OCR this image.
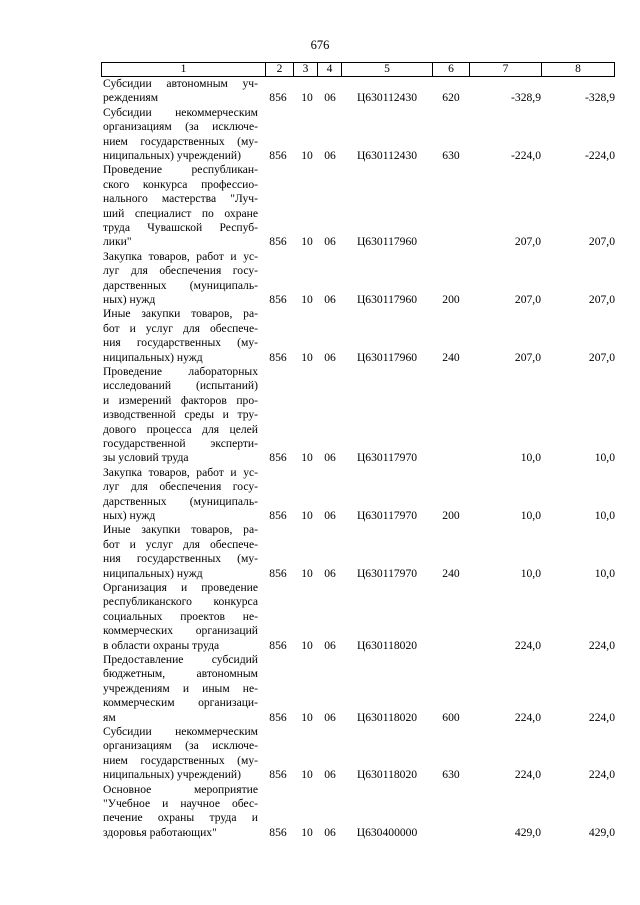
676
1	2	3	4	5	6	7	8
Субсидии автономным уч-
реждениям	856	10 06	Ц630112430	620	-328,9	-328,9
Субсидии некоммерческим
организациям (за исключе-
нием государственных (му-
ниципальных) учреждений)	856	10 06	Ц630112430	630	-224,0	-224,0
Проведение республикан-
ского конкурса профессио-
нального мастерства "Луч-
ший специалист по охране
труда Чувашской Респуб-
лики"	856	10 06	Ц630117960	207,0	207,0
Закупка товаров, работ и ус-
луг для обеспечения госу-
дарственных (муниципаль-
ных) нужд	856	10 06	Ц630117960	200	207,0	207,0
Иные закупки товаров, ра-
бот и услуг для обеспече-
ния государственных (му-
ниципальных) нужд	856	10 06	Ц630117960	240	207,0	207,0
Проведение лабораторных
исследований (испытаний)
и измерений факторов про-
изводственной среды и тру-
дового процесса для целей
государственной эксперти-
зы условий труда	856	10 06	Ц630117970	10,0	10,0
Закупка товаров, работ и ус-
луг для обеспечения госу-
дарственных (муниципаль-
ных) нужд	856	10 06	Ц630117970	200	10,0	10,0
Иные закупки товаров, ра-
бот и услуг для обеспече-
ния государственных (му-
ниципальных) нужд	856	10 06	Ц630117970	240	10,0	10,0
Организация и проведение
республиканского конкурса
социальных проектов не-
коммерческих организаций
в области охраны труда	856	10 06	Ц630118020	224,0	224,0
Предоставление субсидий
бюджетным, автономным
учреждениям и иным не-
коммерческим организаци-
ям	856	10 06	Ц630118020	600	224,0	224,0
Субсидии некоммерческим
организациям (за исключе-
нием государственных (му-
ниципальных) учреждений)	856	10 06	Ц630118020	630	224,0	224,0
Основное мероприятие
"Учебное и научное обес-
печение охраны труда и
здоровья работающих"	856	10 06	Ц630400000	429,0	429,0
